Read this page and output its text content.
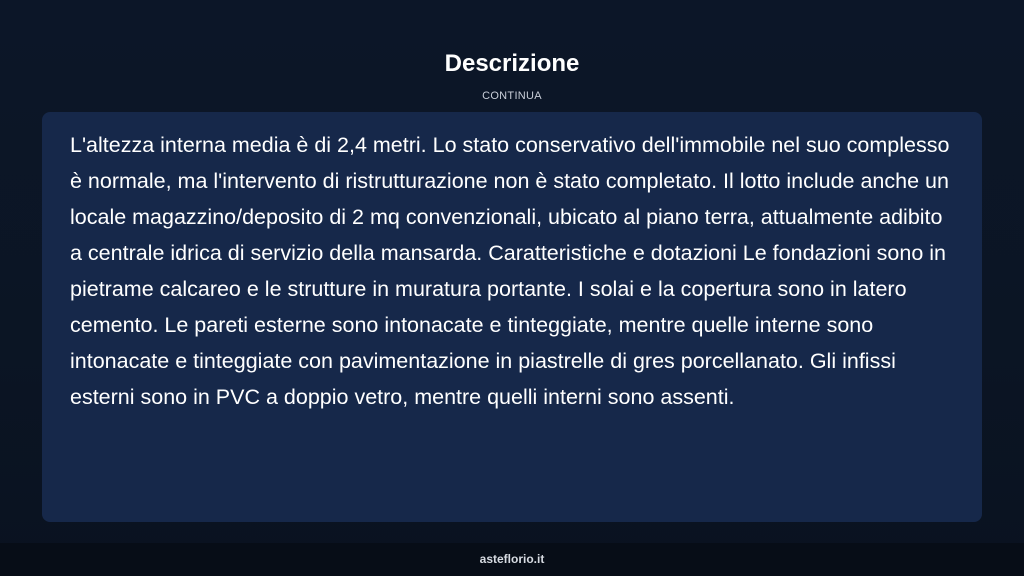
Descrizione
CONTINUA

L'altezza interna media è di 2,4 metri. Lo stato conservativo dell'immobile nel suo complesso è normale, ma l'intervento di ristrutturazione non è stato completato. Il lotto include anche un locale magazzino/deposito di 2 mq convenzionali, ubicato al piano terra, attualmente adibito a centrale idrica di servizio della mansarda. Caratteristiche e dotazioni Le fondazioni sono in pietrame calcareo e le strutture in muratura portante. I solai e la copertura sono in latero cemento. Le pareti esterne sono intonacate e tinteggiate, mentre quelle interne sono intonacate e tinteggiate con pavimentazione in piastrelle di gres porcellanato. Gli infissi esterni sono in PVC a doppio vetro, mentre quelli interni sono assenti.

asteflorio.it
